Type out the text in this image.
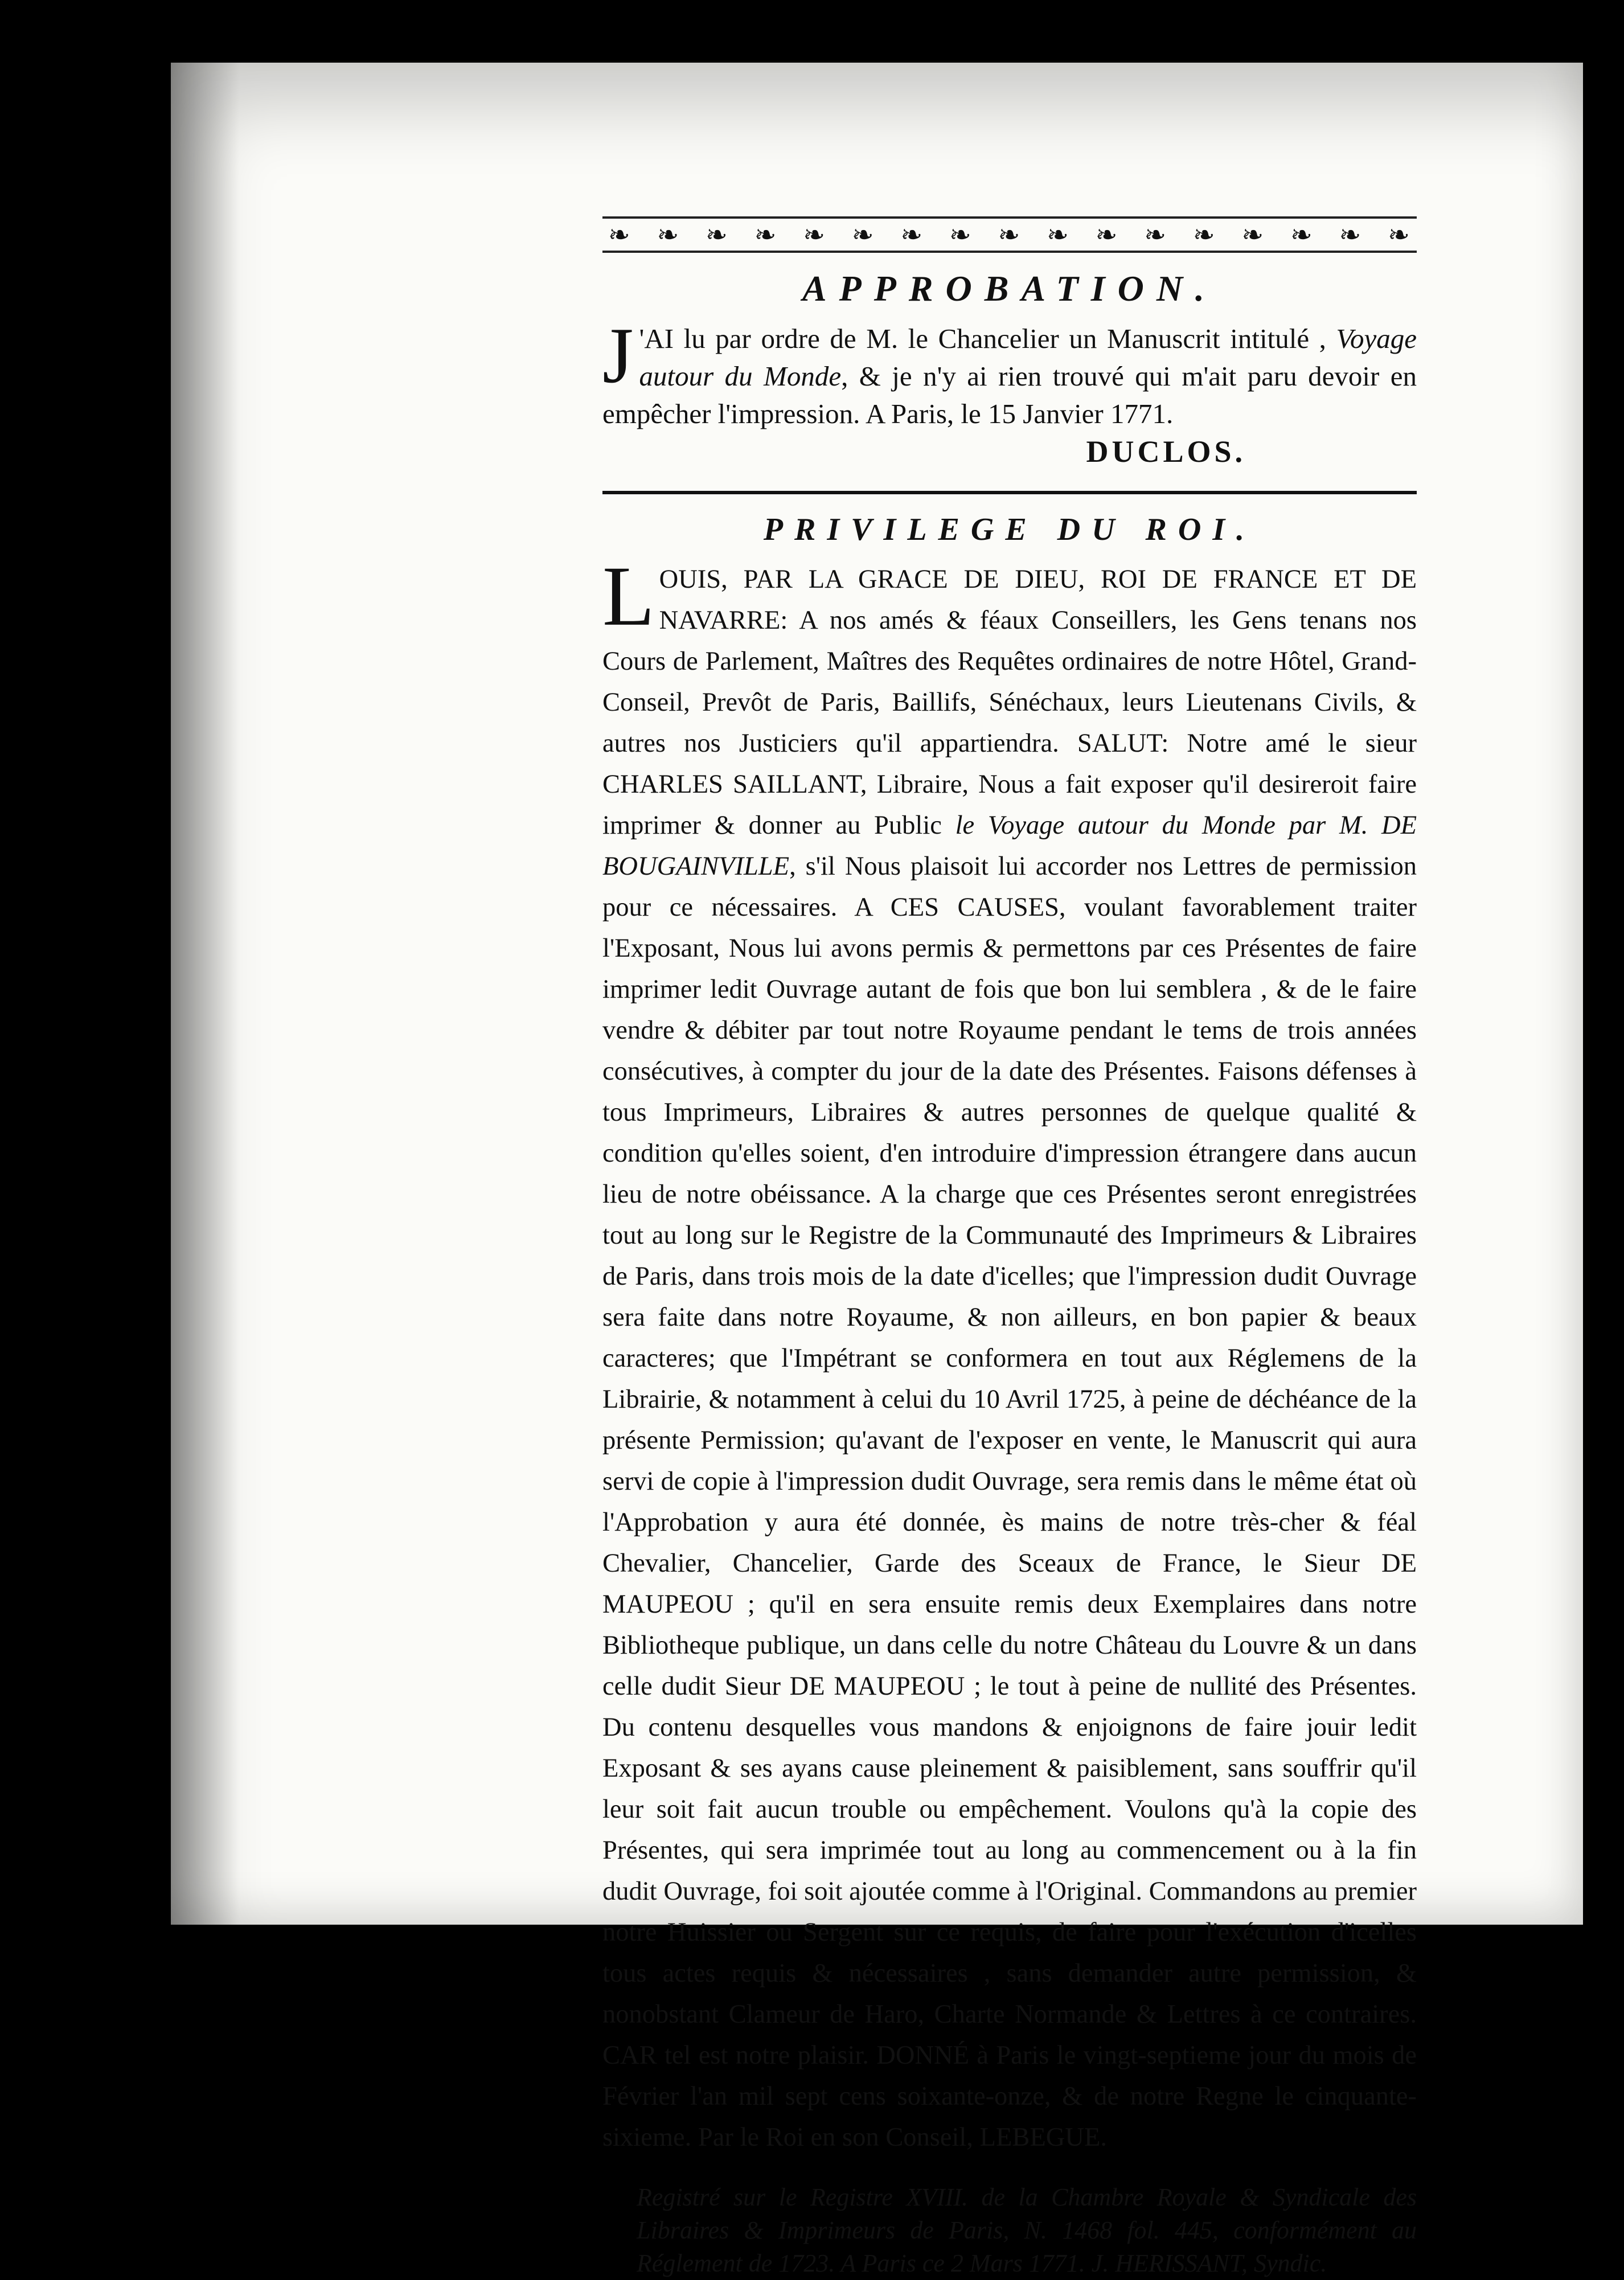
❧ ❧ ❧ ❧ ❧ ❧ ❧ ❧ ❧ ❧ ❧ ❧ ❧ ❧ ❧ ❧ ❧
APPROBATION.
J 'AI lu par ordre de M. le Chancelier un Manuscrit intitulé , Voyage autour du Monde, & je n'y ai rien trouvé qui m'ait paru devoir en empêcher l'impression. A Paris, le 15 Janvier 1771.
DUCLOS.
PRIVILEGE DU ROI.
L OUIS, PAR LA GRACE DE DIEU, ROI DE FRANCE ET DE NAVARRE: A nos amés & féaux Conseillers, les Gens tenans nos Cours de Parlement, Maîtres des Requêtes ordinaires de notre Hôtel, Grand-Conseil, Prevôt de Paris, Baillifs, Sénéchaux, leurs Lieutenans Civils, & autres nos Justiciers qu'il appartiendra. SALUT: Notre amé le sieur CHARLES SAILLANT, Libraire, Nous a fait exposer qu'il desireroit faire imprimer & donner au Public le Voyage autour du Monde par M. DE BOUGAINVILLE, s'il Nous plaisoit lui accorder nos Lettres de permission pour ce nécessaires. A CES CAUSES, voulant favorablement traiter l'Exposant, Nous lui avons permis & permettons par ces Présentes de faire imprimer ledit Ouvrage autant de fois que bon lui semblera , & de le faire vendre & débiter par tout notre Royaume pendant le tems de trois années consécutives, à compter du jour de la date des Présentes. Faisons défenses à tous Imprimeurs, Libraires & autres personnes de quelque qualité & condition qu'elles soient, d'en introduire d'impression étrangere dans aucun lieu de notre obéissance. A la charge que ces Présentes seront enregistrées tout au long sur le Registre de la Communauté des Imprimeurs & Libraires de Paris, dans trois mois de la date d'icelles; que l'impression dudit Ouvrage sera faite dans notre Royaume, & non ailleurs, en bon papier & beaux caracteres; que l'Impétrant se conformera en tout aux Réglemens de la Librairie, & notamment à celui du 10 Avril 1725, à peine de déchéance de la présente Permission; qu'avant de l'exposer en vente, le Manuscrit qui aura servi de copie à l'impression dudit Ouvrage, sera remis dans le même état où l'Approbation y aura été donnée, ès mains de notre très-cher & féal Chevalier, Chancelier, Garde des Sceaux de France, le Sieur DE MAUPEOU ; qu'il en sera ensuite remis deux Exemplaires dans notre Bibliotheque publique, un dans celle du notre Château du Louvre & un dans celle dudit Sieur DE MAUPEOU ; le tout à peine de nullité des Présentes. Du contenu desquelles vous mandons & enjoignons de faire jouir ledit Exposant & ses ayans cause pleinement & paisiblement, sans souffrir qu'il leur soit fait aucun trouble ou empêchement. Voulons qu'à la copie des Présentes, qui sera imprimée tout au long au commencement ou à la fin dudit Ouvrage, foi soit ajoutée comme à l'Original. Commandons au premier notre Huissier ou Sergent sur ce requis, de faire pour l'exécution d'icelles tous actes requis & nécessaires , sans demander autre permission, & nonobstant Clameur de Haro, Charte Normande & Lettres à ce contraires. CAR tel est notre plaisir. DONNÉ à Paris le vingt-septieme jour du mois de Février l'an mil sept cens soixante-onze, & de notre Regne le cinquante-sixieme. Par le Roi en son Conseil, LEBEGUE.
Registré sur le Registre XVIII. de la Chambre Royale & Syndicale des Libraires & Imprimeurs de Paris, N. 1468 fol. 445, conformément au Réglement de 1723. A Paris ce 2 Mars 1771. J. HERISSANT, Syndic.
